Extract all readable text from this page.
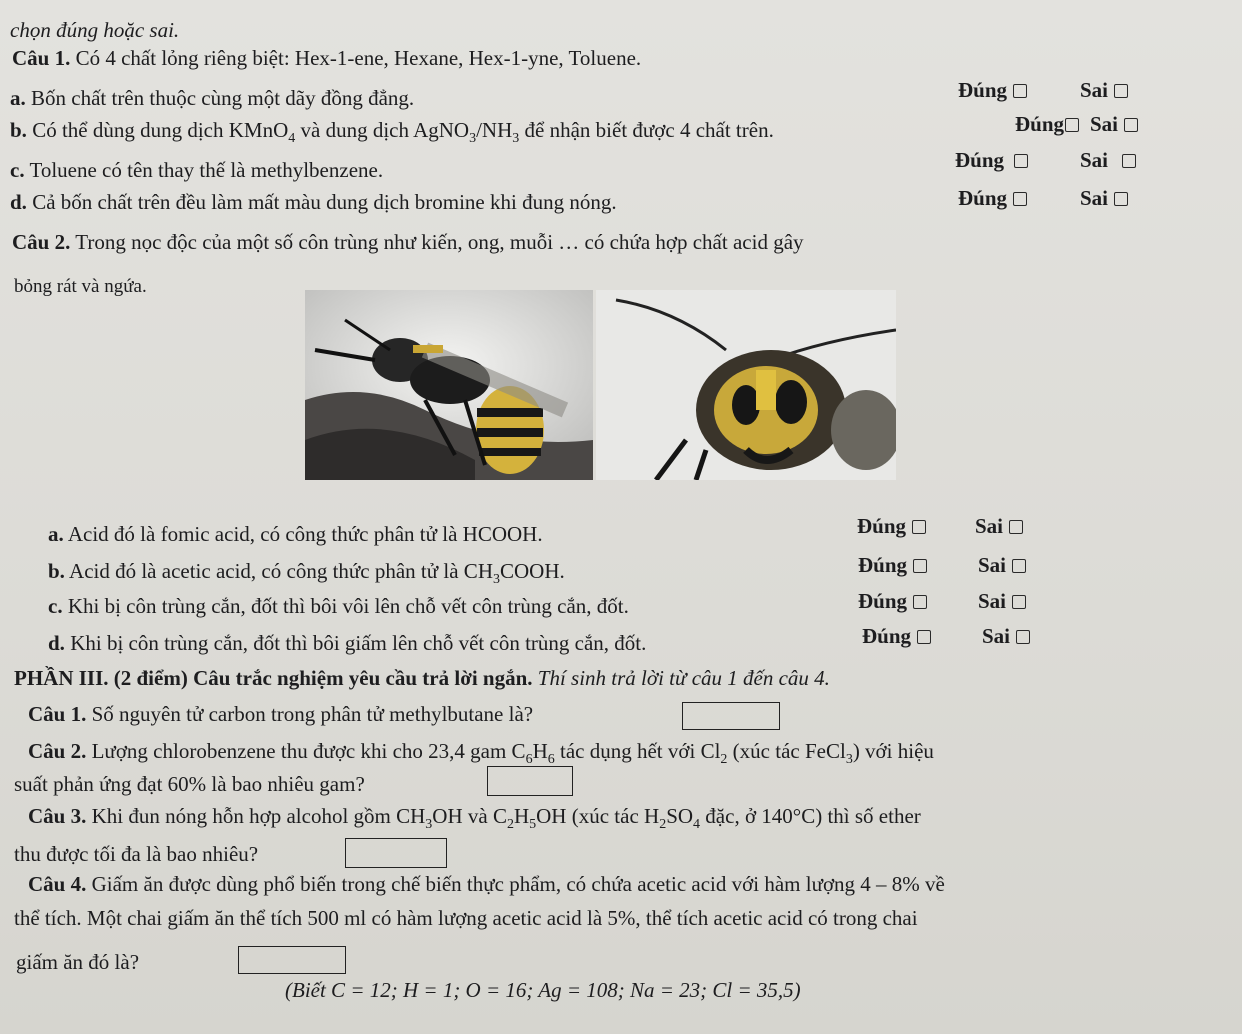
chọn đúng hoặc sai.
Câu 1. Có 4 chất lỏng riêng biệt: Hex-1-ene, Hexane, Hex-1-yne, Toluene.
a. Bốn chất trên thuộc cùng một dãy đồng đẳng.	Đúng	Sai
b. Có thể dùng dung dịch KMnO$_4$ và dung dịch $AgNO_3/NH_3$ để nhận biết được 4 chất trên.	Đúng	Sai
c. Toluene có tên thay thế là methylbenzene.	Đúng	Sai
d. Cả bốn chất trên đều làm mất màu dung dịch bromine khi đung nóng.	Đúng	Sai
Câu 2. Trong nọc độc của một số côn trùng như kiến, ong, muỗi … có chứa hợp chất acid gây
bỏng rát và ngứa.
a. Acid đó là fomic acid, có công thức phân tử là HCOOH.	Đúng	Sai
b. Acid đó là acetic acid, có công thức phân tử là $CH_3COOH$.	Đúng	Sai
c. Khi bị côn trùng cắn, đốt thì bôi vôi lên chỗ vết côn trùng cắn, đốt.	Đúng	Sai
d. Khi bị côn trùng cắn, đốt thì bôi giấm lên chỗ vết côn trùng cắn, đốt.	Đúng	Sai
PHẦN III. (2 điểm) Câu trắc nghiệm yêu cầu trả lời ngắn. Thí sinh trả lời từ câu 1 đến câu 4.
Câu 1. Số nguyên tử carbon trong phân tử methylbutane là?
Câu 2. Lượng chlorobenzene thu được khi cho 23,4 gam $C_6H_6$ tác dụng hết với $Cl_2$ (xúc tác FeCl$_3$) với hiệu
suất phản ứng đạt 60% là bao nhiêu gam?
Câu 3. Khi đun nóng hỗn hợp alcohol gồm $CH_3OH$ và $C_2H_5OH$ (xúc tác $H_2SO_4$ đặc, ở 140°C) thì số ether
thu được tối đa là bao nhiêu?
Câu 4. Giấm ăn được dùng phổ biến trong chế biến thực phẩm, có chứa acetic acid với hàm lượng 4 – 8% về
thể tích. Một chai giấm ăn thể tích 500 ml có hàm lượng acetic acid là 5%, thể tích acetic acid có trong chai
giấm ăn đó là?
(Biết C = 12; H = 1; O = 16; Ag = 108; Na = 23; Cl = 35,5)
